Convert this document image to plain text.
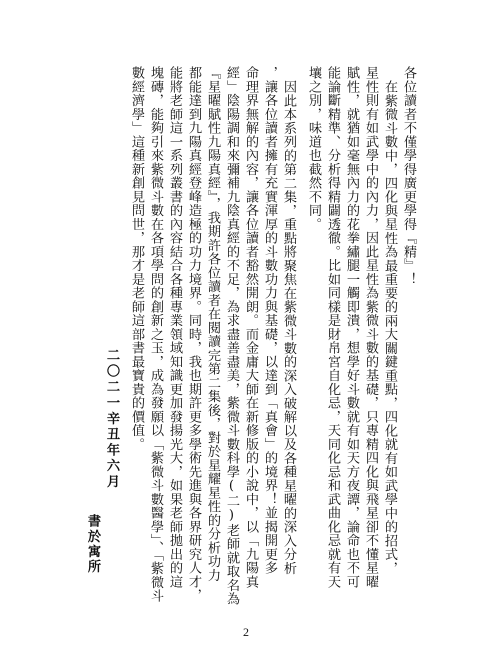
各位讀者不僅學得廣更學得『精』！
在紫微斗數中，四化與星性為最重要的兩大關鍵重點，四化就有如武學中的招式，
星性則有如武學中的內力，因此星性為紫微斗數的基礎，只專精四化與飛星卻不懂星曜
賦性，就猶如毫無內力的花拳繡腿一觸即潰，想學好斗數就有如天方夜譚，論命也不可
能論斷精準、分析得精闢透徹。比如同樣是財帛宮自化忌，天同化忌和武曲化忌就有天
壤之別，味道也截然不同。
因此本系列的第二集，重點將聚焦在紫微斗數的深入破解以及各種星曜的深入分析
，讓各位讀者擁有充實渾厚的斗數功力與基礎，以達到「真會」的境界！並揭開更多
命理界無解的內容，讓各位讀者豁然開朗。而金庸大師在新修版的小說中，以「九陽真
經」陰陽調和來彌補九陰真經的不足，為求盡善盡美，紫微斗數科學(二)老師就取名為
『星曜賦性九陽真經』，我期許各位讀者在閱讀完第二集後，對於星耀星性的分析功力
都能達到九陽真經登峰造極的功力境界。同時，我也期許更多學術先進與各界研究人才，
能將老師這一系列叢書的內容結合各種專業領域知識更加發揚光大，如果老師拋出的這
塊磚，能夠引來紫微斗數在各項學問的創新之玉，成為發願以「紫微斗數醫學」、「紫微斗
數經濟學」這種新創見問世，那才是老師這部書最寶貴的價值。
二〇二一辛丑年六月
書於寓所
2
